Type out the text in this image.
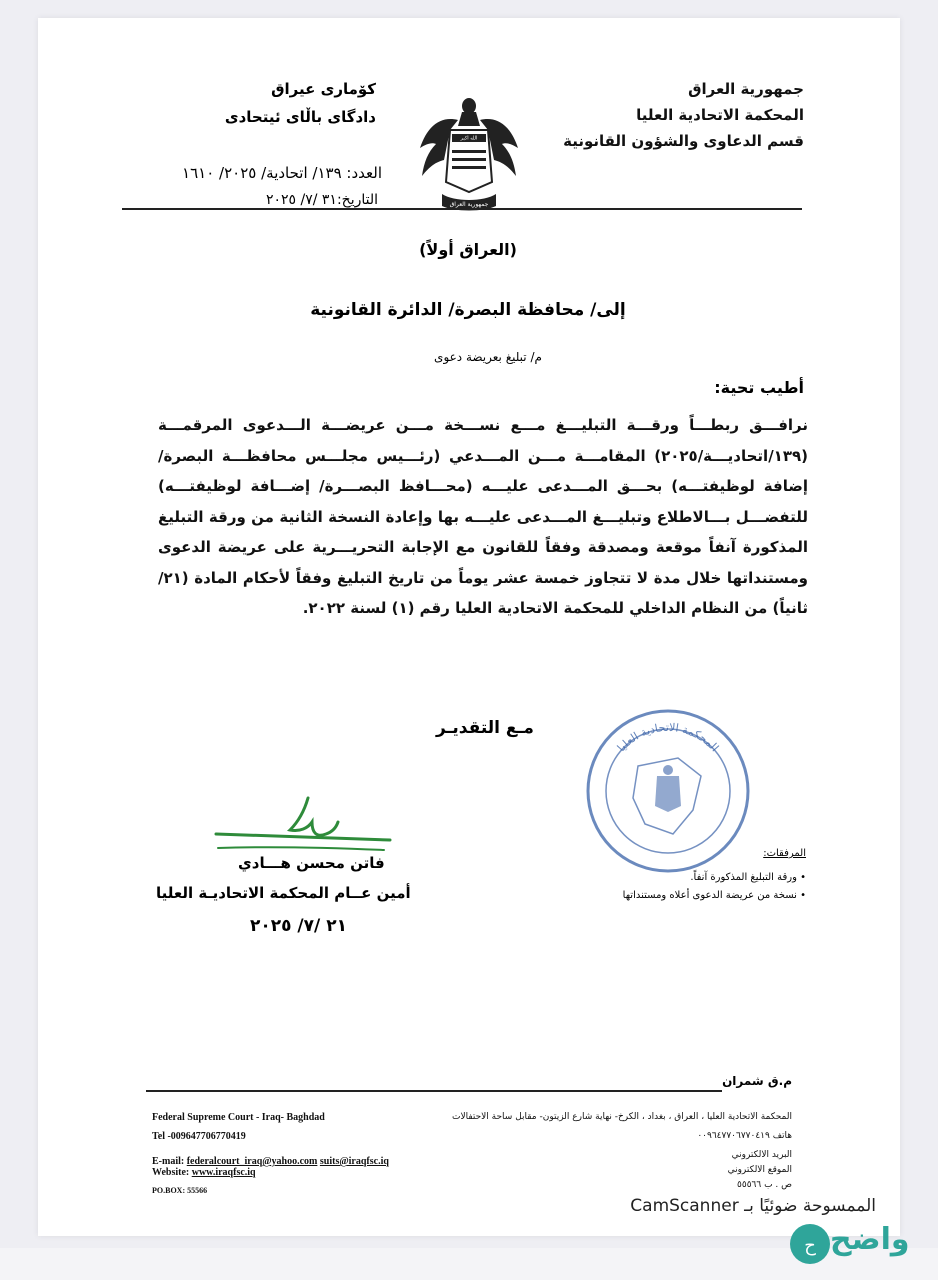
جمهورية العراق
المحكمة الاتحادية العليا
قسم الدعاوى والشؤون القانونية
الله اكبر
جمهورية العراق
كۆماری عیراق
دادگای باڵای ئیتحادی
العدد: ١٣٩/ اتحادية/ ٢٠٢٥/ ١٦١٠
التاريخ:٣١ /٧/ ٢٠٢٥
(العراق أولاً)
إلى/ محافظة البصرة/ الدائرة القانونية
م/ تبليغ بعريضة دعوى
أطيب تحية:
نرافـــق ربطـــاً ورقـــة التبليـــغ مـــع نســـخة مـــن عريضـــة الـــدعوى المرقمـــة (١٣٩/اتحاديـــة/٢٠٢٥) المقامـــة مـــن المـــدعي (رئـــيس مجلـــس محافظـــة البصرة/إضافة لوظيفتـــه) بحـــق المـــدعى عليـــه (محـــافظ البصـــرة/ إضـــافة لوظيفتـــه) للتفضـــل بـــالاطلاع وتبليـــغ المـــدعى عليـــه بها وإعادة النسخة الثانية من ورقة التبليغ المذكورة آنفاً موقعة ومصدقة وفقاً للقانون مع الإجابة التحريـــرية على عريضة الدعوى ومستنداتها خلال مدة لا تتجاوز خمسة عشر يوماً من تاريخ التبليغ وفقاً لأحكام المادة (٢١/ ثانياً) من النظام الداخلي للمحكمة الاتحادية العليا رقم (١) لسنة ٢٠٢٢.
مـع التقديـر
المحكمة الاتحادية العليا
فاتن محسن هـــادي
أمين عــام المحكمة الاتحاديـة العليا
٢١ /٧/ ٢٠٢٥
المرفقات:
• ورقة التبليغ المذكورة آنفاً.
• نسخة من عريضة الدعوى أعلاه ومستنداتها
م.ق شمران
Federal Supreme Court - Iraq- Baghdad
Tel -009647706770419
E-mail: federalcourt_iraq@yahoo.com suits@iraqfsc.iq
Website: www.iraqfsc.iq
PO.BOX: 55566
المحكمة الاتحادية العليا ، العراق ، بغداد ، الكرخ- نهاية شارع الزيتون- مقابل ساحة الاحتفالات
هاتف ٠٠٩٦٤٧٧٠٦٧٧٠٤١٩
البريد الالكتروني
الموقع الالكتروني
ص . ب ٥٥٥٦٦
الممسوحة ضوئيًا بـ CamScanner
ح واضح
